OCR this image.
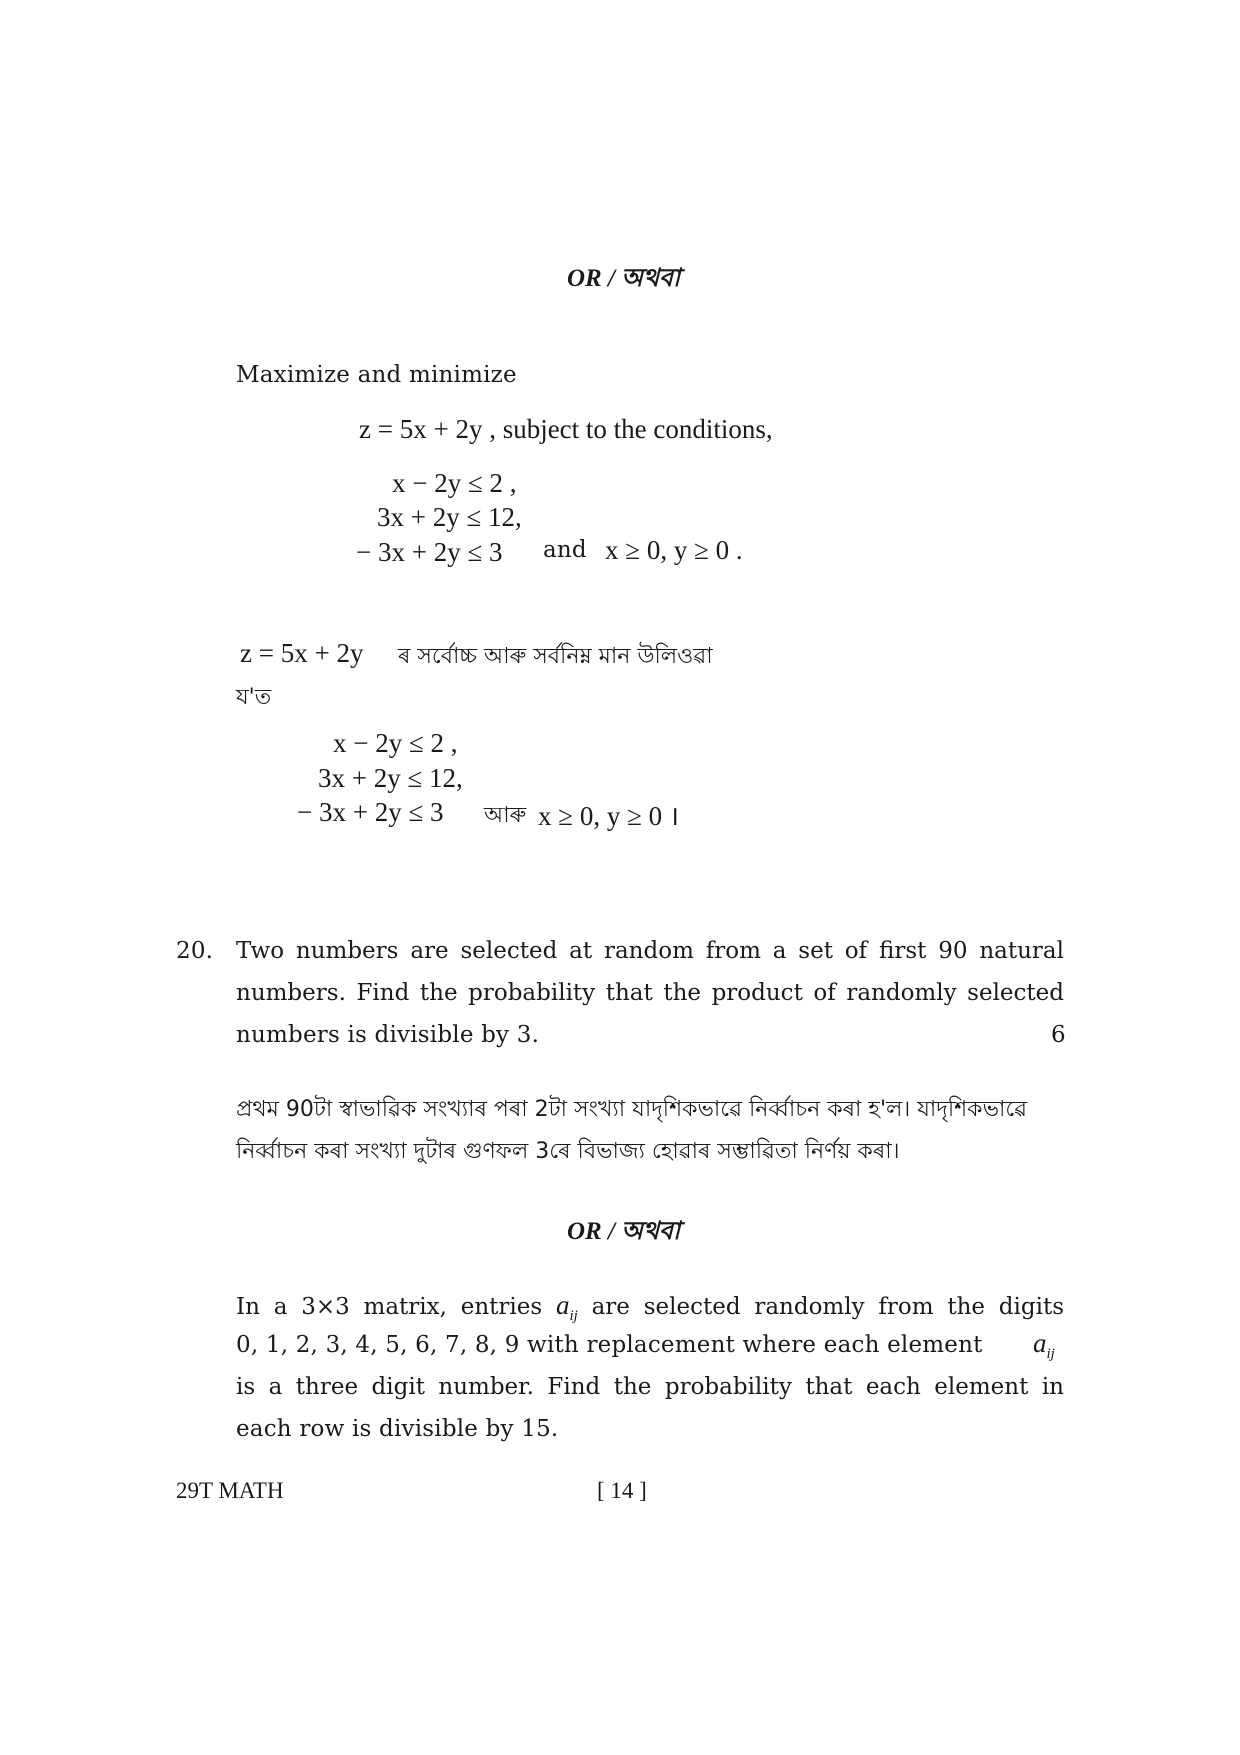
OR / অথবা
Maximize and minimize
z = 5x + 2y , subject to the conditions,
x − 2y ≤ 2 ,
3x + 2y ≤ 12,
− 3x + 2y ≤ 3 and x ≥ 0, y ≥ 0 .
z = 5x + 2y ৰ সৰ্বোচ্চ আৰু সৰ্বনিম্ন মান উলিওৱা
য'ত
x − 2y ≤ 2 ,
3x + 2y ≤ 12,
− 3x + 2y ≤ 3 আৰু x ≥ 0, y ≥ 0 ।
20. Two numbers are selected at random from a set of first 90 natural
numbers. Find the probability that the product of randomly selected
numbers is divisible by 3.	6
প্ৰথম 90টা স্বাভাৱিক সংখ্যাৰ পৰা 2টা সংখ্যা যাদৃশিকভাৱে নিৰ্ব্বাচন কৰা হ'ল। যাদৃশিকভাৱে
নিৰ্ব্বাচন কৰা সংখ্যা দুটাৰ গুণফল 3ৰে বিভাজ্য হোৱাৰ সম্ভাৱিতা নিৰ্ণয় কৰা।
OR / অথবা
In a 3×3 matrix, entries $a_{ij}$ are selected randomly from the digits
0, 1, 2, 3, 4, 5, 6, 7, 8, 9 with replacement where each element	$a_{ij}$
is a three digit number. Find the probability that each element in
each row is divisible by 15.
29T MATH	[ 14 ]
